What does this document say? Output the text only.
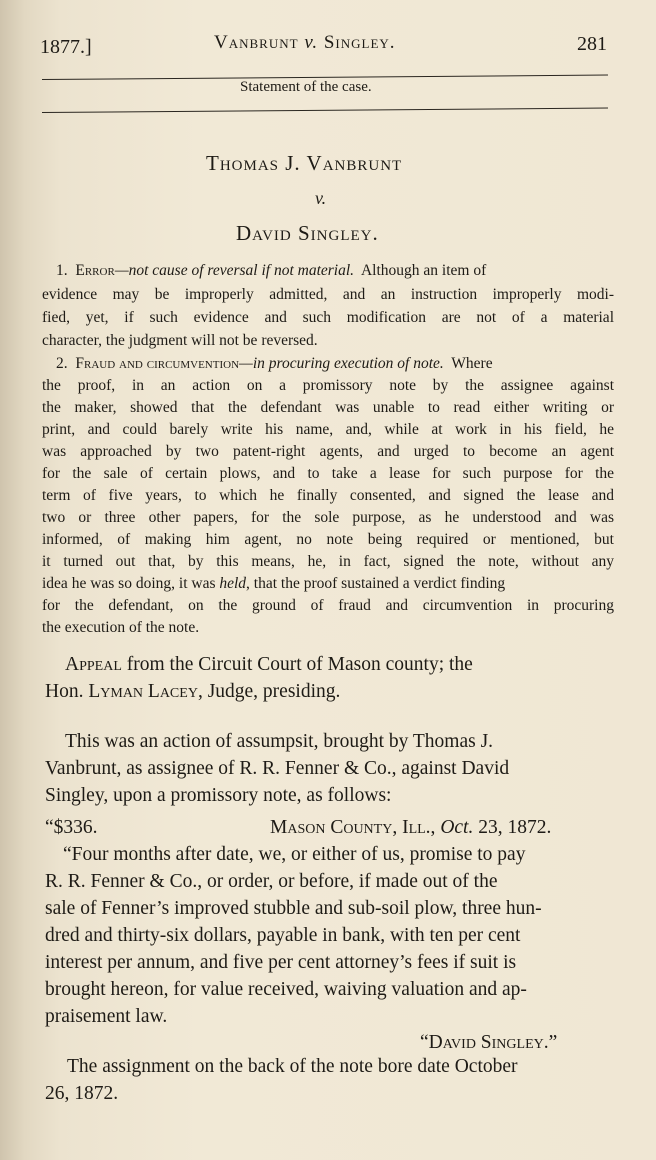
1877.]	Vanbrunt v. Singley.	281
Statement of the case.
Thomas J. Vanbrunt
v.
David Singley.
1. Error—not cause of reversal if not material. Although an item of
evidence may be improperly admitted, and an instruction improperly modi-
fied, yet, if such evidence and such modification are not of a material
character, the judgment will not be reversed.
2. Fraud and circumvention—in procuring execution of note. Where
the proof, in an action on a promissory note by the assignee against
the maker, showed that the defendant was unable to read either writing or
print, and could barely write his name, and, while at work in his field, he
was approached by two patent-right agents, and urged to become an agent
for the sale of certain plows, and to take a lease for such purpose for the
term of five years, to which he finally consented, and signed the lease and
two or three other papers, for the sole purpose, as he understood and was
informed, of making him agent, no note being required or mentioned, but
it turned out that, by this means, he, in fact, signed the note, without any
idea he was so doing, it was held, that the proof sustained a verdict finding
for the defendant, on the ground of fraud and circumvention in procuring
the execution of the note.
Appeal from the Circuit Court of Mason county; the
Hon. Lyman Lacey, Judge, presiding.
This was an action of assumpsit, brought by Thomas J.
Vanbrunt, as assignee of R. R. Fenner & Co., against David
Singley, upon a promissory note, as follows:
“$336.	Mason County, Ill., Oct. 23, 1872.
“Four months after date, we, or either of us, promise to pay
R. R. Fenner & Co., or order, or before, if made out of the
sale of Fenner’s improved stubble and sub-soil plow, three hun-
dred and thirty-six dollars, payable in bank, with ten per cent
interest per annum, and five per cent attorney’s fees if suit is
brought hereon, for value received, waiving valuation and ap-
praisement law.
“David Singley.”
The assignment on the back of the note bore date October
26, 1872.
